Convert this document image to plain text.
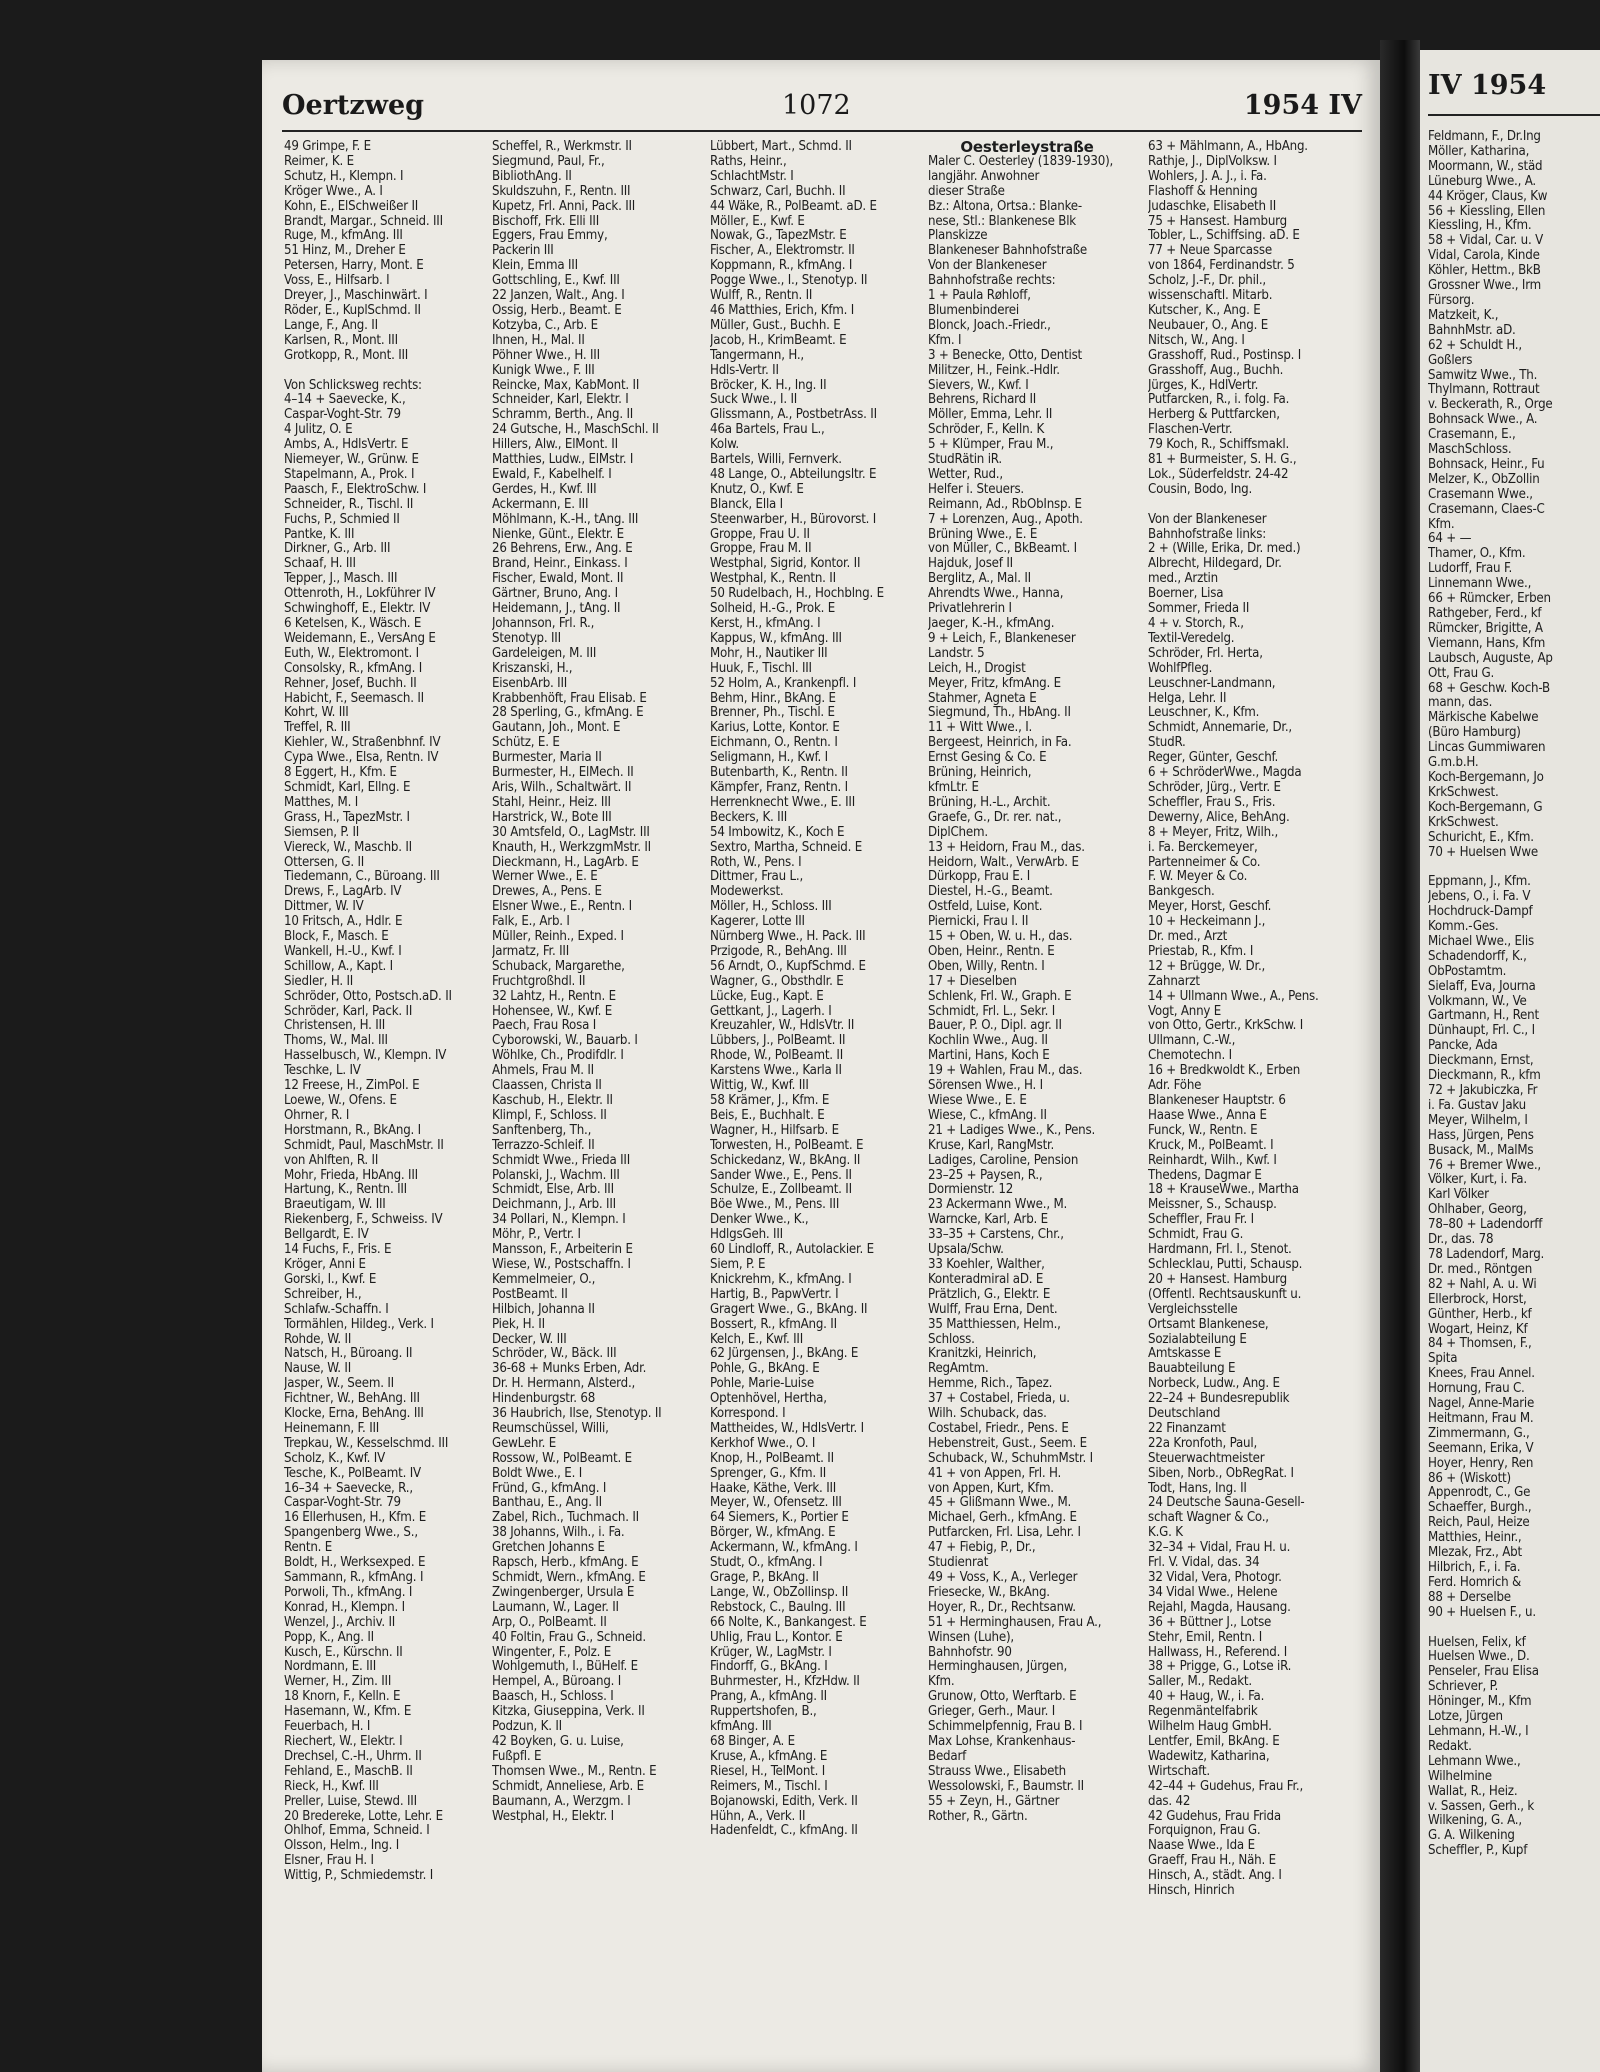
Oertzweg	1072	1954 IV
49 Grimpe, F. E
Reimer, K. E
Schutz, H., Klempn. I
Kröger Wwe., A. I
Kohn, E., ElSchweißer II
Brandt, Margar., Schneid. III
Ruge, M., kfmAng. III
51 Hinz, M., Dreher E
Petersen, Harry, Mont. E
Voss, E., Hilfsarb. I
Dreyer, J., Maschinwärt. I
Röder, E., KuplSchmd. II
Lange, F., Ang. II
Karlsen, R., Mont. III
Grotkopp, R., Mont. III

Von Schlicksweg rechts:
4–14 + Saevecke, K.,
Caspar-Voght-Str. 79
4 Julitz, O. E
Ambs, A., HdlsVertr. E
Niemeyer, W., Grünw. E
Stapelmann, A., Prok. I
Paasch, F., ElektroSchw. I
Schneider, R., Tischl. II
Fuchs, P., Schmied II
Pantke, K. III
Dirkner, G., Arb. III
Schaaf, H. III
Tepper, J., Masch. III
Ottenroth, H., Lokführer IV
Schwinghoff, E., Elektr. IV
6 Ketelsen, K., Wäsch. E
Weidemann, E., VersAng E
Euth, W., Elektromont. I
Consolsky, R., kfmAng. I
Rehner, Josef, Buchh. II
Habicht, F., Seemasch. II
Kohrt, W. III
Treffel, R. III
Kiehler, W., Straßenbhnf. IV
Cypa Wwe., Elsa, Rentn. IV
8 Eggert, H., Kfm. E
Schmidt, Karl, Ellng. E
Matthes, M. I
Grass, H., TapezMstr. I
Siemsen, P. II
Viereck, W., Maschb. II
Ottersen, G. II
Tiedemann, C., Büroang. III
Drews, F., LagArb. IV
Dittmer, W. IV
10 Fritsch, A., Hdlr. E
Block, F., Masch. E
Wankell, H.-U., Kwf. I
Schillow, A., Kapt. I
Siedler, H. II
Schröder, Otto, Postsch.aD. II
Schröder, Karl, Pack. II
Christensen, H. III
Thoms, W., Mal. III
Hasselbusch, W., Klempn. IV
Teschke, L. IV
12 Freese, H., ZimPol. E
Loewe, W., Ofens. E
Ohrner, R. I
Horstmann, R., BkAng. I
Schmidt, Paul, MaschMstr. II
von Ahlften, R. II
Mohr, Frieda, HbAng. III
Hartung, K., Rentn. III
Braeutigam, W. III
Riekenberg, F., Schweiss. IV
Bellgardt, E. IV
14 Fuchs, F., Fris. E
Kröger, Anni E
Gorski, I., Kwf. E
Schreiber, H.,
Schlafw.-Schaffn. I
Tormählen, Hildeg., Verk. I
Rohde, W. II
Natsch, H., Büroang. II
Nause, W. II
Jasper, W., Seem. II
Fichtner, W., BehAng. III
Klocke, Erna, BehAng. III
Heinemann, F. III
Trepkau, W., Kesselschmd. III
Scholz, K., Kwf. IV
Tesche, K., PolBeamt. IV
16–34 + Saevecke, R.,
Caspar-Voght-Str. 79
16 Ellerhusen, H., Kfm. E
Spangenberg Wwe., S.,
Rentn. E
Boldt, H., Werksexped. E
Sammann, R., kfmAng. I
Porwoli, Th., kfmAng. I
Konrad, H., Klempn. I
Wenzel, J., Archiv. II
Popp, K., Ang. II
Kusch, E., Kürschn. II
Nordmann, E. III
Werner, H., Zim. III
18 Knorn, F., Kelln. E
Hasemann, W., Kfm. E
Feuerbach, H. I
Riechert, W., Elektr. I
Drechsel, C.-H., Uhrm. II
Fehland, E., MaschB. II
Rieck, H., Kwf. III
Preller, Luise, Stewd. III
20 Bredereke, Lotte, Lehr. E
Ohlhof, Emma, Schneid. I
Olsson, Helm., Ing. I
Elsner, Frau H. I
Wittig, P., Schmiedemstr. I
Scheffel, R., Werkmstr. II
Siegmund, Paul, Fr.,
BibliothAng. II
Skuldszuhn, F., Rentn. III
Kupetz, Frl. Anni, Pack. III
Bischoff, Frk. Elli III
Eggers, Frau Emmy,
Packerin III
Klein, Emma III
Gottschling, E., Kwf. III
22 Janzen, Walt., Ang. I
Ossig, Herb., Beamt. E
Kotzyba, C., Arb. E
Ihnen, H., Mal. II
Pöhner Wwe., H. III
Kunigk Wwe., F. III
Reincke, Max, KabMont. II
Schneider, Karl, Elektr. I
Schramm, Berth., Ang. II
24 Gutsche, H., MaschSchl. II
Hillers, Alw., ElMont. II
Matthies, Ludw., ElMstr. I
Ewald, F., Kabelhelf. I
Gerdes, H., Kwf. III
Ackermann, E. III
Möhlmann, K.-H., tAng. III
Nienke, Günt., Elektr. E
26 Behrens, Erw., Ang. E
Brand, Heinr., Einkass. I
Fischer, Ewald, Mont. II
Gärtner, Bruno, Ang. I
Heidemann, J., tAng. II
Johannson, Frl. R.,
Stenotyp. III
Gardeleigen, M. III
Kriszanski, H.,
EisenbArb. III
Krabbenhöft, Frau Elisab. E
28 Sperling, G., kfmAng. E
Gautann, Joh., Mont. E
Schütz, E. E
Burmester, Maria II
Burmester, H., ElMech. II
Aris, Wilh., Schaltwärt. II
Stahl, Heinr., Heiz. III
Harstrick, W., Bote III
30 Amtsfeld, O., LagMstr. III
Knauth, H., WerkzgmMstr. II
Dieckmann, H., LagArb. E
Werner Wwe., E. E
Drewes, A., Pens. E
Elsner Wwe., E., Rentn. I
Falk, E., Arb. I
Müller, Reinh., Exped. I
Jarmatz, Fr. III
Schuback, Margarethe,
Fruchtgroßhdl. II
32 Lahtz, H., Rentn. E
Hohensee, W., Kwf. E
Paech, Frau Rosa I
Cyborowski, W., Bauarb. I
Wöhlke, Ch., Prodifdlr. I
Ahmels, Frau M. II
Claassen, Christa II
Kaschub, H., Elektr. II
Klimpl, F., Schloss. II
Sanftenberg, Th.,
Terrazzo-Schleif. II
Schmidt Wwe., Frieda III
Polanski, J., Wachm. III
Schmidt, Else, Arb. III
Deichmann, J., Arb. III
34 Pollari, N., Klempn. I
Möhr, P., Vertr. I
Mansson, F., Arbeiterin E
Wiese, W., Postschaffn. I
Kemmelmeier, O.,
PostBeamt. II
Hilbich, Johanna II
Piek, H. II
Decker, W. III
Schröder, W., Bäck. III
36-68 + Munks Erben, Adr.
Dr. H. Hermann, Alsterd.,
Hindenburgstr. 68
36 Haubrich, Ilse, Stenotyp. II
Reumschüssel, Willi,
GewLehr. E
Rossow, W., PolBeamt. E
Boldt Wwe., E. I
Fründ, G., kfmAng. I
Banthau, E., Ang. II
Zabel, Rich., Tuchmach. II
38 Johanns, Wilh., i. Fa.
Gretchen Johanns E
Rapsch, Herb., kfmAng. E
Schmidt, Wern., kfmAng. E
Zwingenberger, Ursula E
Laumann, W., Lager. II
Arp, O., PolBeamt. II
40 Foltin, Frau G., Schneid.
Wingenter, F., Polz. E
Wohlgemuth, I., BüHelf. E
Hempel, A., Büroang. I
Baasch, H., Schloss. I
Kitzka, Giuseppina, Verk. II
Podzun, K. II
42 Boyken, G. u. Luise,
Fußpfl. E
Thomsen Wwe., M., Rentn. E
Schmidt, Anneliese, Arb. E
Baumann, A., Werzgm. I
Westphal, H., Elektr. I
Lübbert, Mart., Schmd. II
Raths, Heinr.,
SchlachtMstr. I
Schwarz, Carl, Buchh. II
44 Wäke, R., PolBeamt. aD. E
Möller, E., Kwf. E
Nowak, G., TapezMstr. E
Fischer, A., Elektromstr. II
Koppmann, R., kfmAng. I
Pogge Wwe., I., Stenotyp. II
Wulff, R., Rentn. II
46 Matthies, Erich, Kfm. I
Müller, Gust., Buchh. E
Jacob, H., KrimBeamt. E
Tangermann, H.,
Hdls-Vertr. II
Bröcker, K. H., Ing. II
Suck Wwe., I. II
Glissmann, A., PostbetrAss. II
46a Bartels, Frau L.,
Kolw.
Bartels, Willi, Fernverk.
48 Lange, O., Abteilungsltr. E
Knutz, O., Kwf. E
Blanck, Ella I
Steenwarber, H., Bürovorst. I
Groppe, Frau U. II
Groppe, Frau M. II
Westphal, Sigrid, Kontor. II
Westphal, K., Rentn. II
50 Rudelbach, H., Hochblng. E
Solheid, H.-G., Prok. E
Kerst, H., kfmAng. I
Kappus, W., kfmAng. III
Mohr, H., Nautiker III
Huuk, F., Tischl. III
52 Holm, A., Krankenpfl. I
Behm, Hinr., BkAng. E
Brenner, Ph., Tischl. E
Karius, Lotte, Kontor. E
Eichmann, O., Rentn. I
Seligmann, H., Kwf. I
Butenbarth, K., Rentn. II
Kämpfer, Franz, Rentn. I
Herrenknecht Wwe., E. III
Beckers, K. III
54 Imbowitz, K., Koch E
Sextro, Martha, Schneid. E
Roth, W., Pens. I
Dittmer, Frau L.,
Modewerkst.
Möller, H., Schloss. III
Kagerer, Lotte III
Nürnberg Wwe., H. Pack. III
Przigode, R., BehAng. III
56 Arndt, O., KupfSchmd. E
Wagner, G., Obsthdlr. E
Lücke, Eug., Kapt. E
Gettkant, J., Lagerh. I
Kreuzahler, W., HdlsVtr. II
Lübbers, J., PolBeamt. II
Rhode, W., PolBeamt. II
Karstens Wwe., Karla II
Wittig, W., Kwf. III
58 Krämer, J., Kfm. E
Beis, E., Buchhalt. E
Wagner, H., Hilfsarb. E
Torwesten, H., PolBeamt. E
Schickedanz, W., BkAng. II
Sander Wwe., E., Pens. II
Schulze, E., Zollbeamt. II
Böe Wwe., M., Pens. III
Denker Wwe., K.,
HdlgsGeh. III
60 Lindloff, R., Autolackier. E
Siem, P. E
Knickrehm, K., kfmAng. I
Hartig, B., PapwVertr. I
Gragert Wwe., G., BkAng. II
Bossert, R., kfmAng. II
Kelch, E., Kwf. III
62 Jürgensen, J., BkAng. E
Pohle, G., BkAng. E
Pohle, Marie-Luise
Optenhövel, Hertha,
Korrespond. I
Mattheides, W., HdlsVertr. I
Kerkhof Wwe., O. I
Knop, H., PolBeamt. II
Sprenger, G., Kfm. II
Haake, Käthe, Verk. III
Meyer, W., Ofensetz. III
64 Siemers, K., Portier E
Börger, W., kfmAng. E
Ackermann, W., kfmAng. I
Studt, O., kfmAng. I
Grage, P., BkAng. II
Lange, W., ObZollinsp. II
Rebstock, C., Baulng. III
66 Nolte, K., Bankangest. E
Uhlig, Frau L., Kontor. E
Krüger, W., LagMstr. I
Findorff, G., BkAng. I
Buhrmester, H., KfzHdw. II
Prang, A., kfmAng. II
Ruppertshofen, B.,
kfmAng. III
68 Binger, A. E
Kruse, A., kfmAng. E
Riesel, H., TelMont. I
Reimers, M., Tischl. I
Bojanowski, Edith, Verk. II
Hühn, A., Verk. II
Hadenfeldt, C., kfmAng. II
Oesterleystraße
Maler C. Oesterley (1839-1930),
langjähr. Anwohner
dieser Straße
Bz.: Altona, Ortsa.: Blanke-
nese, Stl.: Blankenese Blk
Planskizze
Blankeneser Bahnhofstraße
Von der Blankeneser
Bahnhofstraße rechts:
1 + Paula Røhloff,
Blumenbinderei
Blonck, Joach.-Friedr.,
Kfm. I
3 + Benecke, Otto, Dentist
Militzer, H., Feink.-Hdlr.
Sievers, W., Kwf. I
Behrens, Richard II
Möller, Emma, Lehr. II
Schröder, F., Kelln. K
5 + Klümper, Frau M.,
StudRätin iR.
Wetter, Rud.,
Helfer i. Steuers.
Reimann, Ad., RbObInsp. E
7 + Lorenzen, Aug., Apoth.
Brüning Wwe., E. E
von Müller, C., BkBeamt. I
Hajduk, Josef II
Berglitz, A., Mal. II
Ahrendts Wwe., Hanna,
Privatlehrerin I
Jaeger, K.-H., kfmAng.
9 + Leich, F., Blankeneser
Landstr. 5
Leich, H., Drogist
Meyer, Fritz, kfmAng. E
Stahmer, Agneta E
Siegmund, Th., HbAng. II
11 + Witt Wwe., I.
Bergeest, Heinrich, in Fa.
Ernst Gesing & Co. E
Brüning, Heinrich,
kfmLtr. E
Brüning, H.-L., Archit.
Graefe, G., Dr. rer. nat.,
DiplChem.
13 + Heidorn, Frau M., das.
Heidorn, Walt., VerwArb. E
Dürkopp, Frau E. I
Diestel, H.-G., Beamt.
Ostfeld, Luise, Kont.
Piernicki, Frau I. II
15 + Oben, W. u. H., das.
Oben, Heinr., Rentn. E
Oben, Willy, Rentn. I
17 + Dieselben
Schlenk, Frl. W., Graph. E
Schmidt, Frl. L., Sekr. I
Bauer, P. O., Dipl. agr. II
Kochlin Wwe., Aug. II
Martini, Hans, Koch E
19 + Wahlen, Frau M., das.
Sörensen Wwe., H. I
Wiese Wwe., E. E
Wiese, C., kfmAng. II
21 + Ladiges Wwe., K., Pens.
Kruse, Karl, RangMstr.
Ladiges, Caroline, Pension
23–25 + Paysen, R.,
Dormienstr. 12
23 Ackermann Wwe., M.
Warncke, Karl, Arb. E
33–35 + Carstens, Chr.,
Upsala/Schw.
33 Koehler, Walther,
Konteradmiral aD. E
Prätzlich, G., Elektr. E
Wulff, Frau Erna, Dent.
35 Matthiessen, Helm.,
Schloss.
Kranitzki, Heinrich,
RegAmtm.
Hemme, Rich., Tapez.
37 + Costabel, Frieda, u.
Wilh. Schuback, das.
Costabel, Friedr., Pens. E
Hebenstreit, Gust., Seem. E
Schuback, W., SchuhmMstr. I
41 + von Appen, Frl. H.
von Appen, Kurt, Kfm.
45 + Glißmann Wwe., M.
Michael, Gerh., kfmAng. E
Putfarcken, Frl. Lisa, Lehr. I
47 + Fiebig, P., Dr.,
Studienrat
49 + Voss, K., A., Verleger
Friesecke, W., BkAng.
Hoyer, R., Dr., Rechtsanw.
51 + Herminghausen, Frau A.,
Winsen (Luhe),
Bahnhofstr. 90
Herminghausen, Jürgen,
Kfm.
Grunow, Otto, Werftarb. E
Grieger, Gerh., Maur. I
Schimmelpfennig, Frau B. I
Max Lohse, Krankenhaus-
Bedarf
Strauss Wwe., Elisabeth
Wessolowski, F., Baumstr. II
55 + Zeyn, H., Gärtner
Rother, R., Gärtn.
63 + Mählmann, A., HbAng.
Rathje, J., DiplVolksw. I
Wohlers, J. A. J., i. Fa.
Flashoff & Henning
Judaschke, Elisabeth II
75 + Hansest. Hamburg
Tobler, L., Schiffsing. aD. E
77 + Neue Sparcasse
von 1864, Ferdinandstr. 5
Scholz, J.-F., Dr. phil.,
wissenschaftl. Mitarb.
Kutscher, K., Ang. E
Neubauer, O., Ang. E
Nitsch, W., Ang. I
Grasshoff, Rud., Postinsp. I
Grasshoff, Aug., Buchh.
Jürges, K., HdlVertr.
Putfarcken, R., i. folg. Fa.
Herberg & Puttfarcken,
Flaschen-Vertr.
79 Koch, R., Schiffsmakl.
81 + Burmeister, S. H. G.,
Lok., Süderfeldstr. 24-42
Cousin, Bodo, Ing.

Von der Blankeneser
Bahnhofstraße links:
2 + (Wille, Erika, Dr. med.)
Albrecht, Hildegard, Dr.
med., Ärztin
Boerner, Lisa
Sommer, Frieda II
4 + v. Storch, R.,
Textil-Veredelg.
Schröder, Frl. Herta,
WohlfPfleg.
Leuschner-Landmann,
Helga, Lehr. II
Leuschner, K., Kfm.
Schmidt, Annemarie, Dr.,
StudR.
Reger, Günter, Geschf.
6 + SchröderWwe., Magda
Schröder, Jürg., Vertr. E
Scheffler, Frau S., Fris.
Dewerny, Alice, BehAng.
8 + Meyer, Fritz, Wilh.,
i. Fa. Berckemeyer,
Partenneimer & Co.
F. W. Meyer & Co.
Bankgesch.
Meyer, Horst, Geschf.
10 + Heckeimann J.,
Dr. med., Arzt
Priestab, R., Kfm. I
12 + Brügge, W. Dr.,
Zahnarzt
14 + Ullmann Wwe., A., Pens.
Vogt, Anny E
von Otto, Gertr., KrkSchw. I
Ullmann, C.-W.,
Chemotechn. I
16 + Bredkwoldt K., Erben
Adr. Föhe
Blankeneser Hauptstr. 6
Haase Wwe., Anna E
Funck, W., Rentn. E
Kruck, M., PolBeamt. I
Reinhardt, Wilh., Kwf. I
Thedens, Dagmar E
18 + KrauseWwe., Martha
Meissner, S., Schausp.
Scheffler, Frau Fr. I
Schmidt, Frau G.
Hardmann, Frl. I., Stenot.
Schlecklau, Putti, Schausp.
20 + Hansest. Hamburg
(Öffentl. Rechtsauskunft u.
Vergleichsstelle
Ortsamt Blankenese,
Sozialabteilung E
Amtskasse E
Bauabteilung E
Norbeck, Ludw., Ang. E
22–24 + Bundesrepublik
Deutschland
22 Finanzamt
22a Kronfoth, Paul,
Steuerwachtmeister
Siben, Norb., ObRegRat. I
Todt, Hans, Ing. II
24 Deutsche Sauna-Gesell-
schaft Wagner & Co.,
K.G. K
32–34 + Vidal, Frau H. u.
Frl. V. Vidal, das. 34
32 Vidal, Vera, Photogr.
34 Vidal Wwe., Helene
Rejahl, Magda, Hausang.
36 + Büttner J., Lotse
Stehr, Emil, Rentn. I
Hallwass, H., Referend. I
38 + Prigge, G., Lotse iR.
Saller, M., Redakt.
40 + Haug, W., i. Fa.
Regenmäntelfabrik
Wilhelm Haug GmbH.
Lentfer, Emil, BkAng. E
Wadewitz, Katharina,
Wirtschaft.
42–44 + Gudehus, Frau Fr.,
das. 42
42 Gudehus, Frau Frida
Forquignon, Frau G.
Naase Wwe., Ida E
Graeff, Frau H., Näh. E
Hinsch, A., städt. Ang. I
Hinsch, Hinrich
IV 1954
Feldmann, F., Dr.Ing
Möller, Katharina,
Moormann, W., städ
Lüneburg Wwe., A.
44 Kröger, Claus, Kw
56 + Kiessling, Ellen
Kiessling, H., Kfm.
58 + Vidal, Car. u. V
Vidal, Carola, Kinde
Köhler, Hettm., BkB
Grossner Wwe., Irm
Fürsorg.
Matzkeit, K.,
BahnhMstr. aD.
62 + Schuldt H.,
Goßlers
Samwitz Wwe., Th.
Thylmann, Rottraut
v. Beckerath, R., Orge
Bohnsack Wwe., A.
Crasemann, E.,
MaschSchloss.
Bohnsack, Heinr., Fu
Melzer, K., ObZollin
Crasemann Wwe.,
Crasemann, Claes-C
Kfm.
64 + —
Thamer, O., Kfm.
Ludorff, Frau F.
Linnemann Wwe.,
66 + Rümcker, Erben
Rathgeber, Ferd., kf
Rümcker, Brigitte, A
Viemann, Hans, Kfm
Laubsch, Auguste, Ap
Ott, Frau G.
68 + Geschw. Koch-B
mann, das.
Märkische Kabelwe
(Büro Hamburg)
Lincas Gummiwaren
G.m.b.H.
Koch-Bergemann, Jo
KrkSchwest.
Koch-Bergemann, G
KrkSchwest.
Schuricht, E., Kfm.
70 + Huelsen Wwe

Eppmann, J., Kfm.
Jebens, O., i. Fa. V
Hochdruck-Dampf
Komm.-Ges.
Michael Wwe., Elis
Schadendorff, K.,
ObPostamtm.
Sielaff, Eva, Journa
Volkmann, W., Ve
Gartmann, H., Rent
Dünhaupt, Frl. C., I
Pancke, Ada
Dieckmann, Ernst,
Dieckmann, R., kfm
72 + Jakubiczka, Fr
i. Fa. Gustav Jaku
Meyer, Wilhelm, I
Hass, Jürgen, Pens
Busack, M., MalMs
76 + Bremer Wwe.,
Völker, Kurt, i. Fa.
Karl Völker
Ohlhaber, Georg,
78–80 + Ladendorff
Dr., das. 78
78 Ladendorf, Marg.
Dr. med., Röntgen
82 + Nahl, A. u. Wi
Ellerbrock, Horst,
Günther, Herb., kf
Wogart, Heinz, Kf
84 + Thomsen, F.,
Spita
Knees, Frau Annel.
Hornung, Frau C.
Nagel, Anne-Marie
Heitmann, Frau M.
Zimmermann, G.,
Seemann, Erika, V
Hoyer, Henry, Ren
86 + (Wiskott)
Appenrodt, C., Ge
Schaeffer, Burgh.,
Reich, Paul, Heize
Matthies, Heinr.,
Mlezak, Frz., Abt
Hilbrich, F., i. Fa.
Ferd. Homrich &
88 + Derselbe
90 + Huelsen F., u.

Huelsen, Felix, kf
Huelsen Wwe., D.
Penseler, Frau Elisa
Schriever, P.
Höninger, M., Kfm
Lotze, Jürgen
Lehmann, H.-W., I
Redakt.
Lehmann Wwe.,
Wilhelmine
Wallat, R., Heiz.
v. Sassen, Gerh., k
Wilkening, G. A.,
G. A. Wilkening
Scheffler, P., Kupf
